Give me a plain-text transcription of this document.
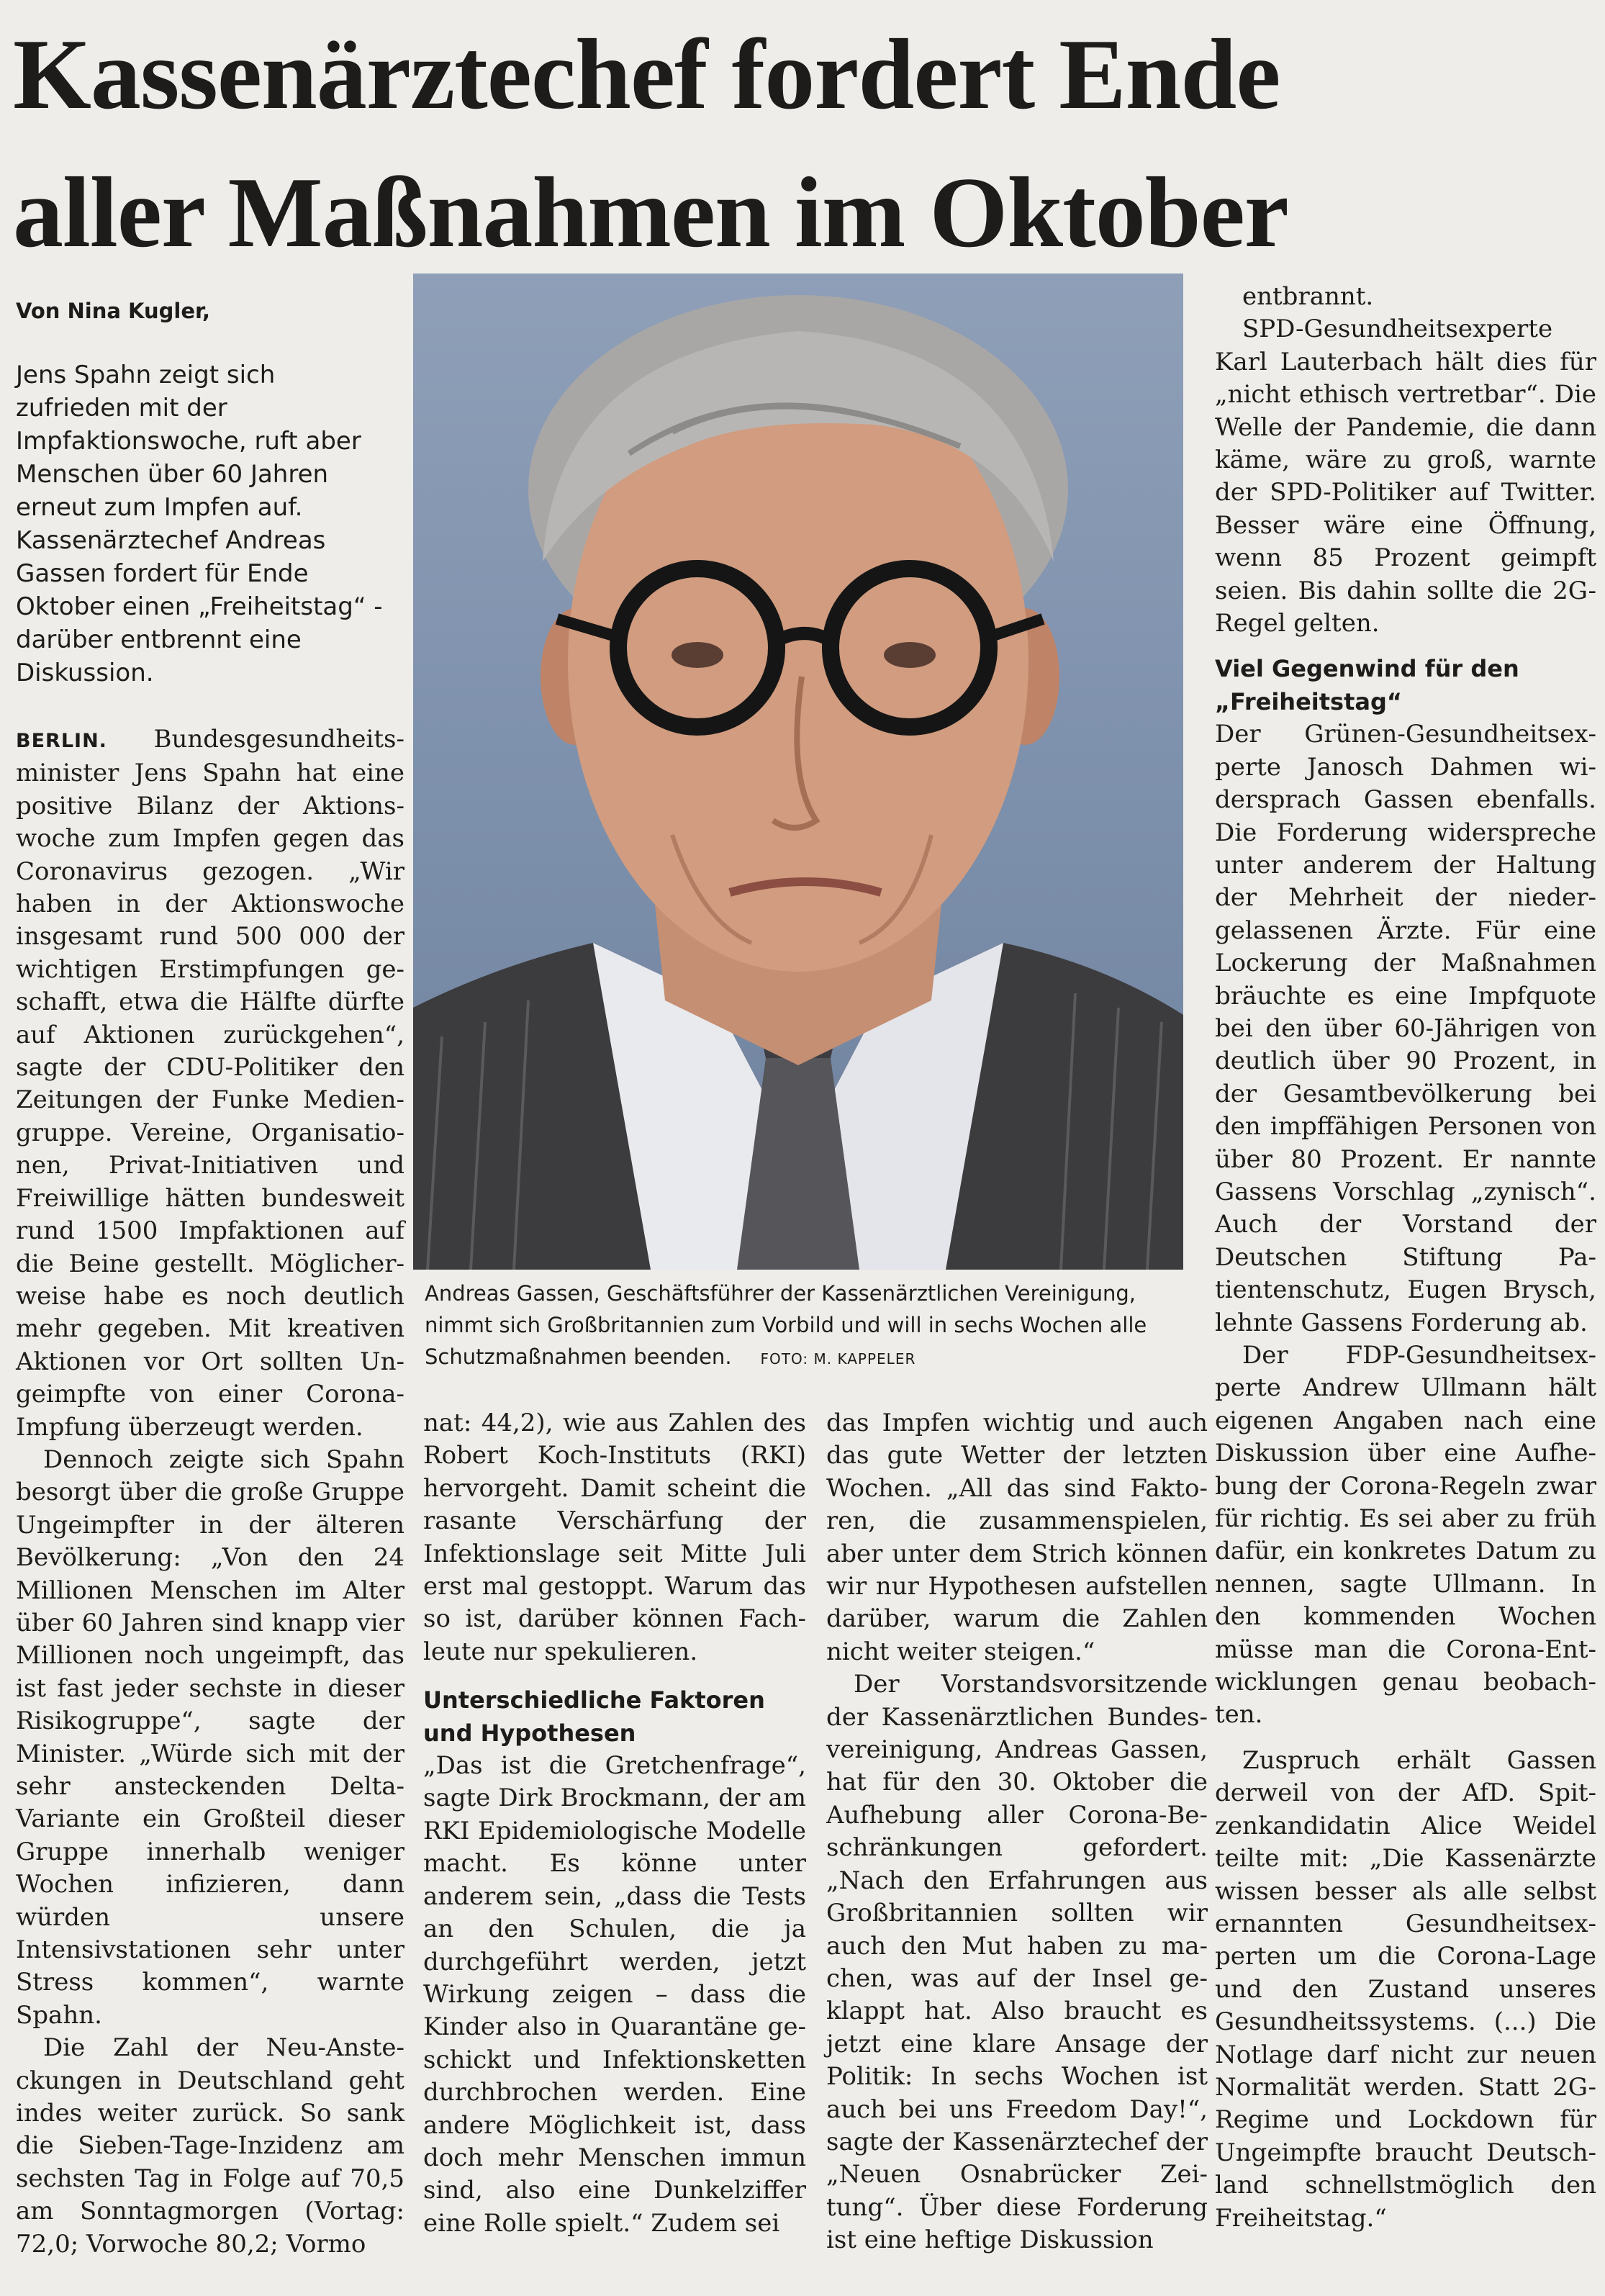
Kassenärztechef fordert Ende
aller Maßnahmen im Oktober
Von Nina Kugler,

Jens Spahn zeigt sich zufrieden mit der Impfaktionswoche, ruft aber Menschen über 60 Jahren erneut zum Impfen auf. Kassenärztechef Andreas Gassen fordert für Ende Oktober einen „Freiheitstag“ - darüber entbrennt eine Diskussion.

BERLIN. Bundesgesundheitsminister Jens Spahn hat eine positive Bilanz der Aktionswoche zum Impfen gegen das Coronavirus gezogen. „Wir haben in der Aktionswoche insgesamt rund 500 000 der wichtigen Erstimpfungen geschafft, etwa die Hälfte dürfte auf Aktionen zurückgehen“, sagte der CDU-Politiker den Zeitungen der Funke Mediengruppe. Vereine, Organisationen, Privat-Initiativen und Freiwillige hätten bundesweit rund 1500 Impfaktionen auf die Beine gestellt. Möglicherweise habe es noch deutlich mehr gegeben. Mit kreativen Aktionen vor Ort sollten Ungeimpfte von einer Corona-Impfung überzeugt werden.

Dennoch zeigte sich Spahn besorgt über die große Gruppe Ungeimpfter in der älteren Bevölkerung: „Von den 24 Millionen Menschen im Alter über 60 Jahren sind knapp vier Millionen noch ungeimpft, das ist fast jeder sechste in dieser Risikogruppe“, sagte der Minister. „Würde sich mit der sehr ansteckenden Delta-Variante ein Großteil dieser Gruppe innerhalb weniger Wochen infizieren, dann würden unsere Intensivstationen sehr unter Stress kommen“, warnte Spahn.

Die Zahl der Neu-Ansteckungen in Deutschland geht indes weiter zurück. So sank die Sieben-Tage-Inzidenz am sechsten Tag in Folge auf 70,5 am Sonntagmorgen (Vortag: 72,0; Vorwoche 80,2; Vormo

Andreas Gassen, Geschäftsführer der Kassenärztlichen Vereinigung, nimmt sich Großbritannien zum Vorbild und will in sechs Wochen alle Schutzmaßnahmen beenden. FOTO: M. KAPPELER

nat: 44,2), wie aus Zahlen des Robert Koch-Instituts (RKI) hervorgeht. Damit scheint die rasante Verschärfung der Infektionslage seit Mitte Juli erst mal gestoppt. Warum das so ist, darüber können Fachleute nur spekulieren.

Unterschiedliche Faktoren und Hypothesen

„Das ist die Gretchenfrage“, sagte Dirk Brockmann, der am RKI Epidemiologische Modelle macht. Es könne unter anderem sein, „dass die Tests an den Schulen, die ja durchgeführt werden, jetzt Wirkung zeigen – dass die Kinder also in Quarantäne geschickt und Infektionsketten durchbrochen werden. Eine andere Möglichkeit ist, dass doch mehr Menschen immun sind, also eine Dunkelziffer eine Rolle spielt.“ Zudem sei

das Impfen wichtig und auch das gute Wetter der letzten Wochen. „All das sind Faktoren, die zusammenspielen, aber unter dem Strich können wir nur Hypothesen aufstellen darüber, warum die Zahlen nicht weiter steigen.“

Der Vorstandsvorsitzende der Kassenärztlichen Bundesvereinigung, Andreas Gassen, hat für den 30. Oktober die Aufhebung aller Corona-Beschränkungen gefordert. „Nach den Erfahrungen aus Großbritannien sollten wir auch den Mut haben zu machen, was auf der Insel geklappt hat. Also braucht es jetzt eine klare Ansage der Politik: In sechs Wochen ist auch bei uns Freedom Day!“, sagte der Kassenärztechef der „Neuen Osnabrücker Zeitung“. Über diese Forderung ist eine heftige Diskussion

entbrannt.

SPD-Gesundheitsexperte Karl Lauterbach hält dies für „nicht ethisch vertretbar“. Die Welle der Pandemie, die dann käme, wäre zu groß, warnte der SPD-Politiker auf Twitter. Besser wäre eine Öffnung, wenn 85 Prozent geimpft seien. Bis dahin sollte die 2G-Regel gelten.

Viel Gegenwind für den „Freiheitstag“

Der Grünen-Gesundheitsexperte Janosch Dahmen widersprach Gassen ebenfalls. Die Forderung widerspreche unter anderem der Haltung der Mehrheit der niedergelassenen Ärzte. Für eine Lockerung der Maßnahmen bräuchte es eine Impfquote bei den über 60-Jährigen von deutlich über 90 Prozent, in der Gesamtbevölkerung bei den impffähigen Personen von über 80 Prozent. Er nannte Gassens Vorschlag „zynisch“. Auch der Vorstand der Deutschen Stiftung Patientenschutz, Eugen Brysch, lehnte Gassens Forderung ab.

Der FDP-Gesundheitsexperte Andrew Ullmann hält eigenen Angaben nach eine Diskussion über eine Aufhebung der Corona-Regeln zwar für richtig. Es sei aber zu früh dafür, ein konkretes Datum zu nennen, sagte Ullmann. In den kommenden Wochen müsse man die Corona-Entwicklungen genau beobachten.

Zuspruch erhält Gassen derweil von der AfD. Spitzenkandidatin Alice Weidel teilte mit: „Die Kassenärzte wissen besser als alle selbst ernannten Gesundheitsexperten um die Corona-Lage und den Zustand unseres Gesundheitssystems. (...) Die Notlage darf nicht zur neuen Normalität werden. Statt 2G-Regime und Lockdown für Ungeimpfte braucht Deutschland schnellstmöglich den Freiheitstag.“
